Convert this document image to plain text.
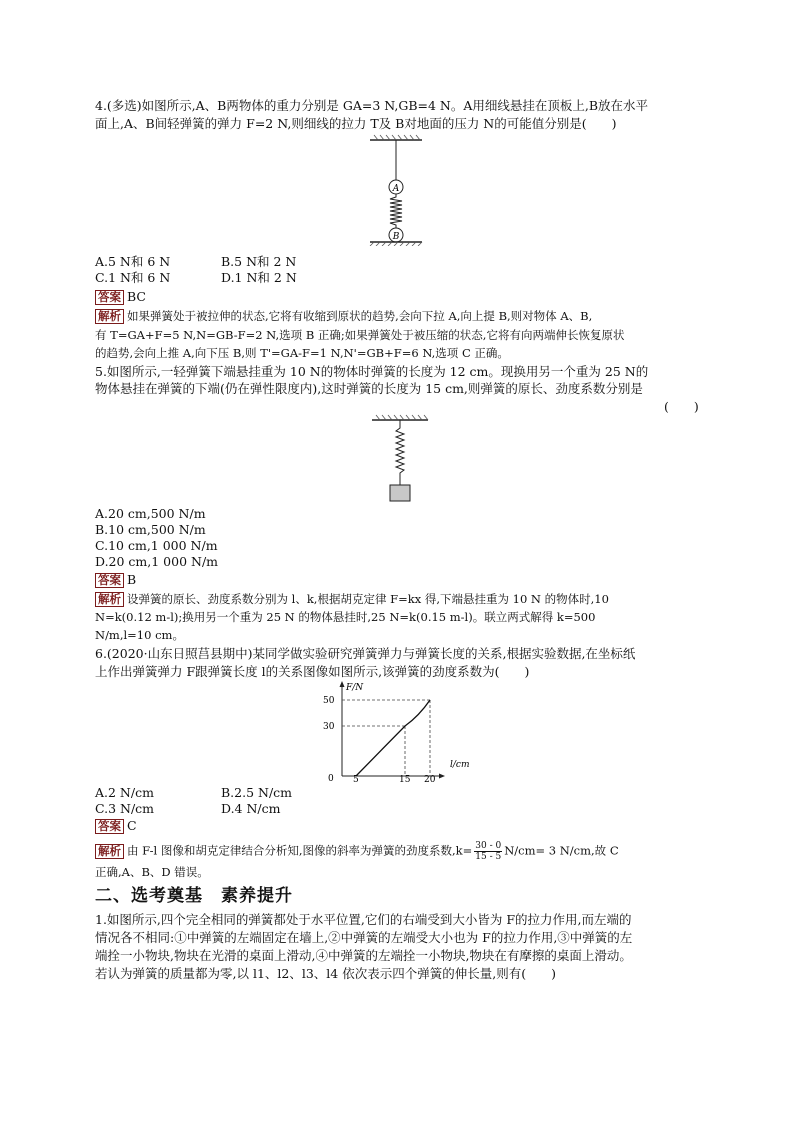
4.(多选)如图所示,A、B两物体的重力分别是 GA=3 N,GB=4 N。A用细线悬挂在顶板上,B放在水平
面上,A、B间轻弹簧的弹力 F=2 N,则细线的拉力 T及 B对地面的压力 N的可能值分别是(　　)
A
B
A.5 N和 6 N	B.5 N和 2 N
C.1 N和 6 N	D.1 N和 2 N
答案 BC
解析 如果弹簧处于被拉伸的状态,它将有收缩到原状的趋势,会向下拉 A,向上提 B,则对物体 A、B,
有 T=GA+F=5 N,N=GB-F=2 N,选项 B 正确;如果弹簧处于被压缩的状态,它将有向两端伸长恢复原状
的趋势,会向上推 A,向下压 B,则 T'=GA-F=1 N,N'=GB+F=6 N,选项 C 正确。
5.如图所示,一轻弹簧下端悬挂重为 10 N的物体时弹簧的长度为 12 cm。现换用另一个重为 25 N的
物体悬挂在弹簧的下端(仍在弹性限度内),这时弹簧的长度为 15 cm,则弹簧的原长、劲度系数分别是
(　　)
A.20 cm,500 N/m
B.10 cm,500 N/m
C.10 cm,1 000 N/m
D.20 cm,1 000 N/m
答案 B
解析 设弹簧的原长、劲度系数分别为 l、k,根据胡克定律 F=kx 得,下端悬挂重为 10 N 的物体时,10
N=k(0.12 m-l);换用另一个重为 25 N 的物体悬挂时,25 N=k(0.15 m-l)。联立两式解得 k=500
N/m,l=10 cm。
6.(2020·山东日照莒县期中)某同学做实验研究弹簧弹力与弹簧长度的关系,根据实验数据,在坐标纸
上作出弹簧弹力 F跟弹簧长度 l的关系图像如图所示,该弹簧的劲度系数为(　　)
F/N
l/cm
0
50
30
5	15 20
A.2 N/cm	B.2.5 N/cm
C.3 N/cm	D.4 N/cm
答案 C
解析 由 F-l 图像和胡克定律结合分析知,图像的斜率为弹簧的劲度系数$,k= \frac{30 - 0}{15 - 5} N/cm= 3$ N/cm,故 C
正确,A、B、D 错误。
二、选考奠基　素养提升
1.如图所示,四个完全相同的弹簧都处于水平位置,它们的右端受到大小皆为 F的拉力作用,而左端的
情况各不相同:①中弹簧的左端固定在墙上,②中弹簧的左端受大小也为 F的拉力作用,③中弹簧的左
端拴一小物块,物块在光滑的桌面上滑动,④中弹簧的左端拴一小物块,物块在有摩擦的桌面上滑动。
若认为弹簧的质量都为零,以 l1、l2、l3、l4 依次表示四个弹簧的伸长量,则有(　　)
